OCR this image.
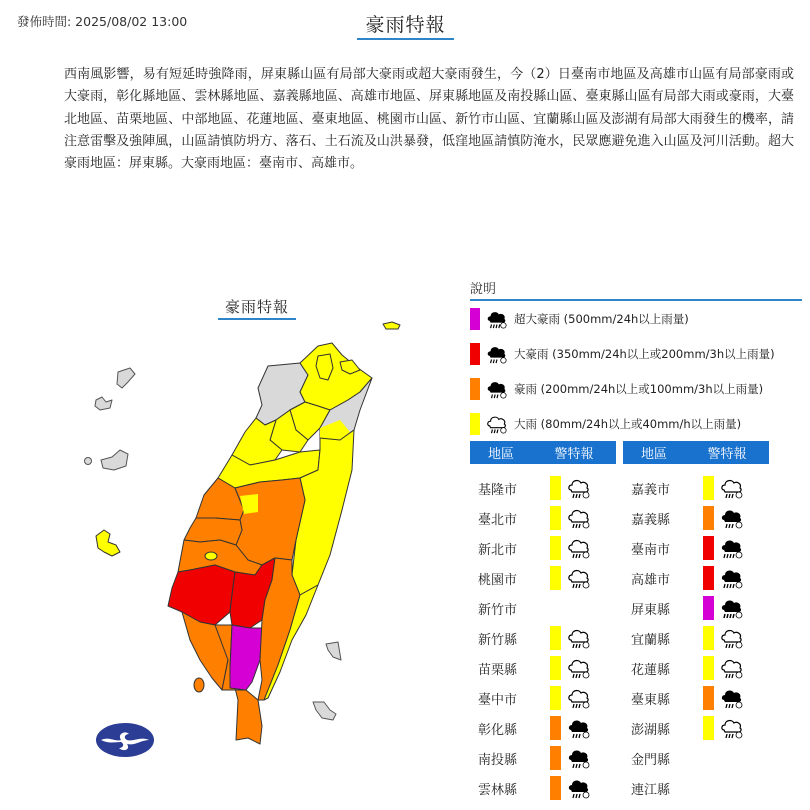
發佈時間: 2025/08/02 13:00	豪雨特報
西南風影響，易有短延時強降雨，屏東縣山區有局部大豪雨或超大豪雨發生，今（2）日臺南市地區及高雄市山區有局部豪雨或大豪雨，彰化縣地區、雲林縣地區、嘉義縣地區、高雄市地區、屏東縣地區及南投縣山區、臺東縣山區有局部大雨或豪雨，大臺北地區、苗栗地區、中部地區、花蓮地區、臺東地區、桃園市山區、新竹市山區、宜蘭縣山區及澎湖有局部大雨發生的機率，請注意雷擊及強陣風，山區請慎防坍方、落石、土石流及山洪暴發，低窪地區請慎防淹水，民眾應避免進入山區及河川活動。超大豪雨地區：屏東縣。大豪雨地區：臺南市、高雄市。
豪雨特報
說明
超大豪雨 (500mm/24h以上雨量)
大豪雨 (350mm/24h以上或200mm/3h以上雨量)
豪雨 (200mm/24h以上或100mm/3h以上雨量)
大雨 (80mm/24h以上或40mm/h以上雨量)
地區	警特報
基隆市
臺北市
新北市
桃園市
新竹市
新竹縣
苗栗縣
臺中市
彰化縣
南投縣
雲林縣
地區	警特報
嘉義市
嘉義縣
臺南市
高雄市
屏東縣
宜蘭縣
花蓮縣
臺東縣
澎湖縣
金門縣
連江縣
